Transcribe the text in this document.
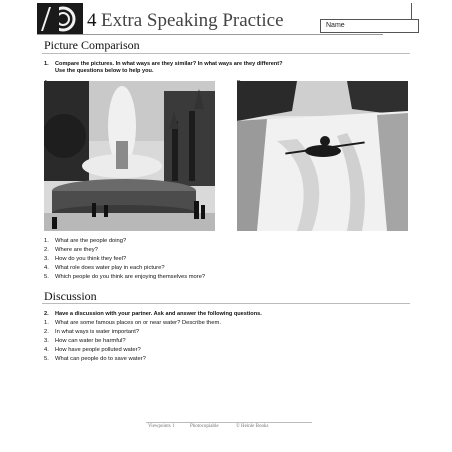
4 Extra Speaking Practice	Name
Picture Comparison
1. Compare the pictures. In what ways are they similar? In what ways are they different?
Use the questions below to help you.
1. What are the people doing?
2. Where are they?
3. How do you think they feel?
4. What role does water play in each picture?
5. Which people do you think are enjoying themselves more?
Discussion
2. Have a discussion with your partner. Ask and answer the following questions.
1. What are some famous places on or near water? Describe them.
2. In what ways is water important?
3. How can water be harmful?
4. How have people polluted water?
5. What can people do to save water?
Viewpoints 1	Photocopiable	© Heinle Books
